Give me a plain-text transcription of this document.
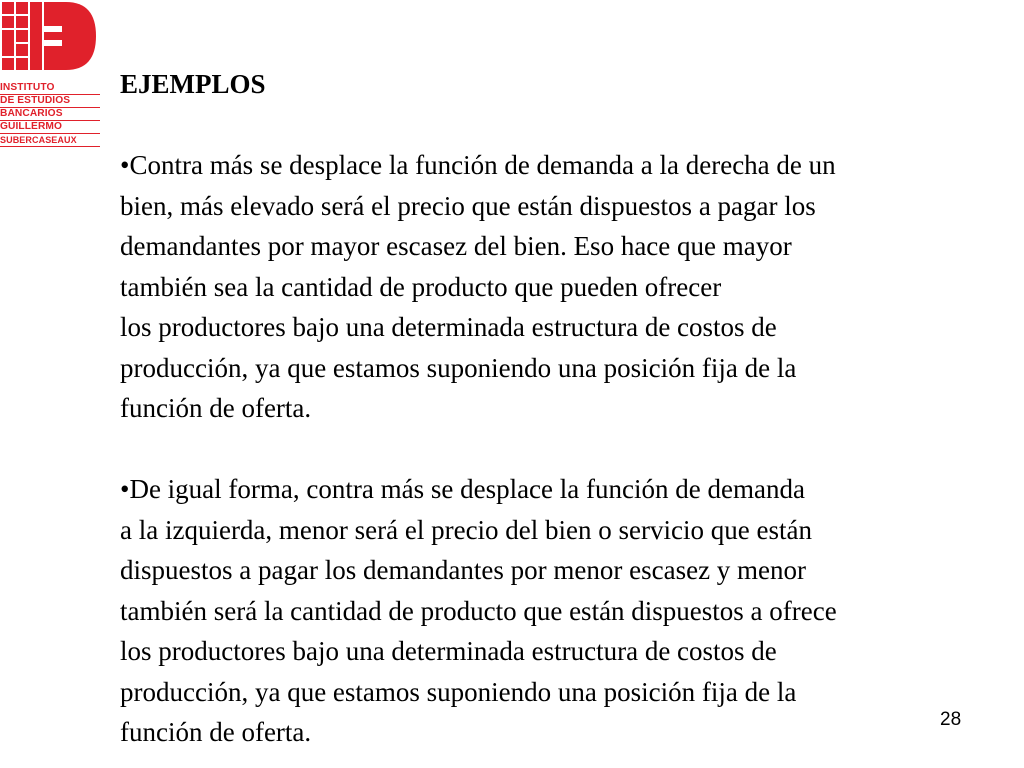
INSTITUTO
DE ESTUDIOS
BANCARIOS
GUILLERMO
SUBERCASEAUX

EJEMPLOS

•Contra más se desplace la función de demanda a la derecha de un

bien, más elevado será el precio que están dispuestos a pagar los

demandantes por mayor escasez del bien. Eso hace que mayor

también sea la cantidad de producto que pueden ofrecer

los productores bajo una determinada estructura de costos de

producción, ya que estamos suponiendo una posición fija de la

función de oferta.

•De igual forma, contra más se desplace la función de demanda

a la izquierda, menor será el precio del bien o servicio que están

dispuestos a pagar los demandantes por menor escasez y menor

también será la cantidad de producto que están dispuestos a ofrece

los productores bajo una determinada estructura de costos de

producción, ya que estamos suponiendo una posición fija de la

función de oferta.	28
